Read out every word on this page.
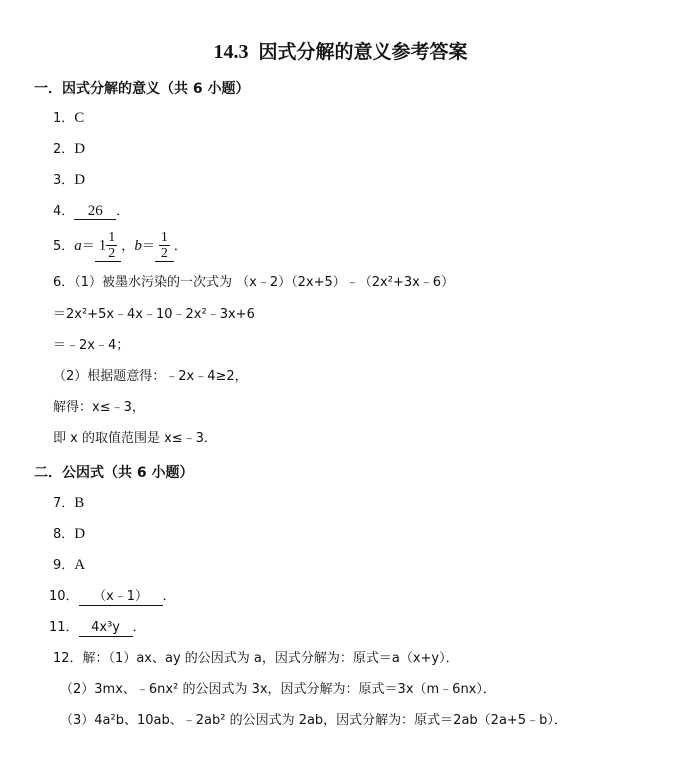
14.3 因式分解的意义参考答案
一．因式分解的意义（共 6 小题）
1．C
2．D
3．D
4． 26 ．
5．$a= 1 \frac{1}{2}$ ，$b= \frac{1}{2}$ ．
6．（1）被墨水污染的一次式为 （x﹣2）（2x+5）﹣（2x²+3x﹣6）
＝2x²+5x﹣4x﹣10﹣2x²﹣3x+6
＝﹣2x﹣4；
（2）根据题意得：﹣2x﹣4≥2，
解得：x≤﹣3，
即 x 的取值范围是 x≤﹣3．
二．公因式（共 6 小题）
7．B
8．D
9．A
10． （x﹣1） ．
11． 4x³y ．
12．解：（1）ax、ay 的公因式为 a，因式分解为：原式＝a（x+y）．
（2）3mx、﹣6nx² 的公因式为 3x，因式分解为：原式＝3x（m﹣6nx）．
（3）4a²b、10ab、﹣2ab² 的公因式为 2ab，因式分解为：原式＝2ab（2a+5﹣b）．
